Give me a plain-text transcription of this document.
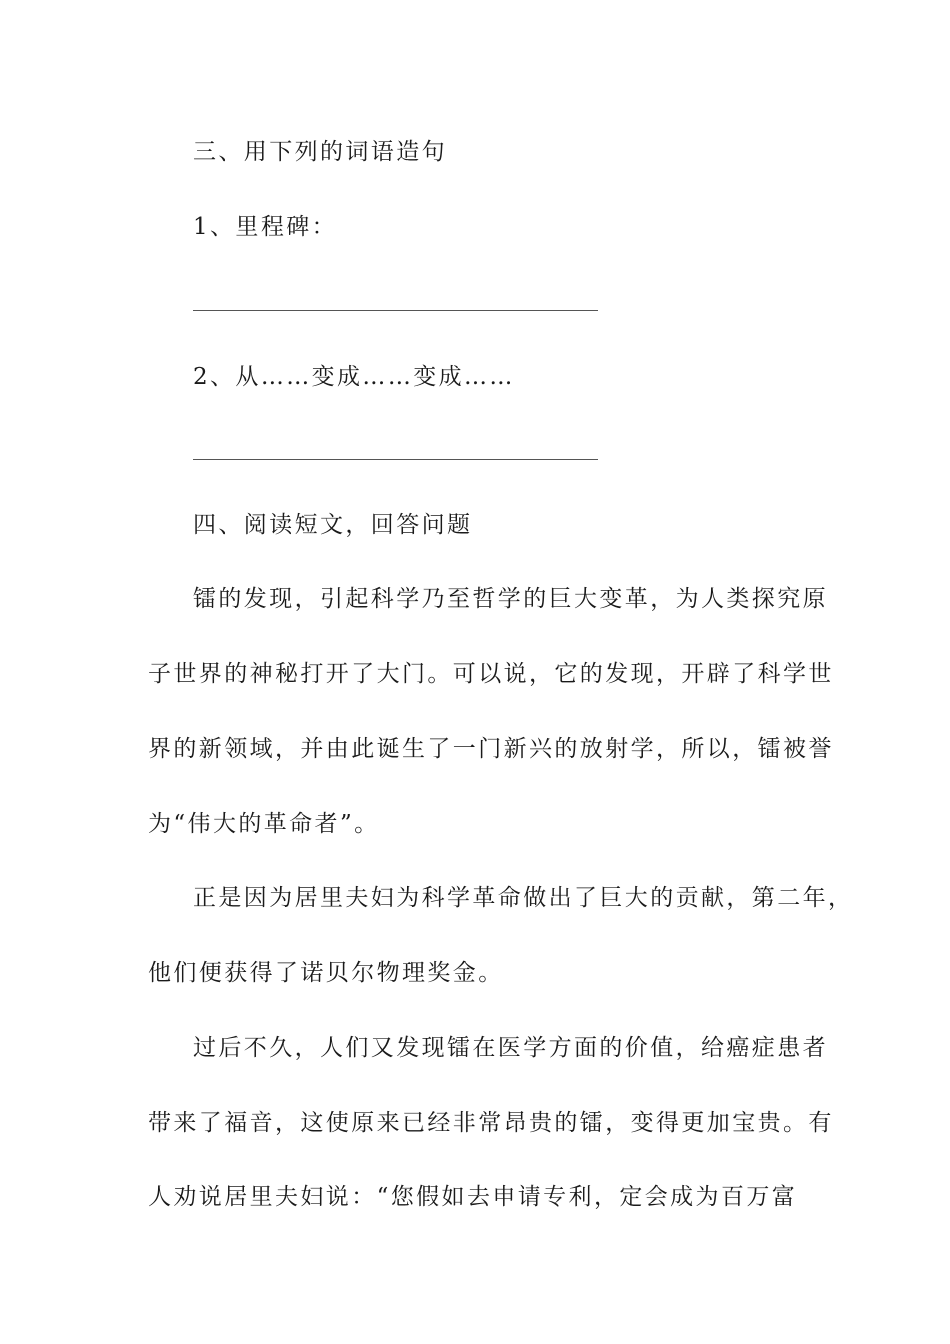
三、用下列的词语造句
1、里程碑：
2、从……变成……变成……
四、阅读短文，回答问题
镭的发现，引起科学乃至哲学的巨大变革，为人类探究原
子世界的神秘打开了大门。可以说，它的发现，开辟了科学世
界的新领域，并由此诞生了一门新兴的放射学，所以，镭被誉
为“伟大的革命者”。
正是因为居里夫妇为科学革命做出了巨大的贡献，第二年，
他们便获得了诺贝尔物理奖金。
过后不久，人们又发现镭在医学方面的价值，给癌症患者
带来了福音，这使原来已经非常昂贵的镭，变得更加宝贵。有
人劝说居里夫妇说：“您假如去申请专利，定会成为百万富
